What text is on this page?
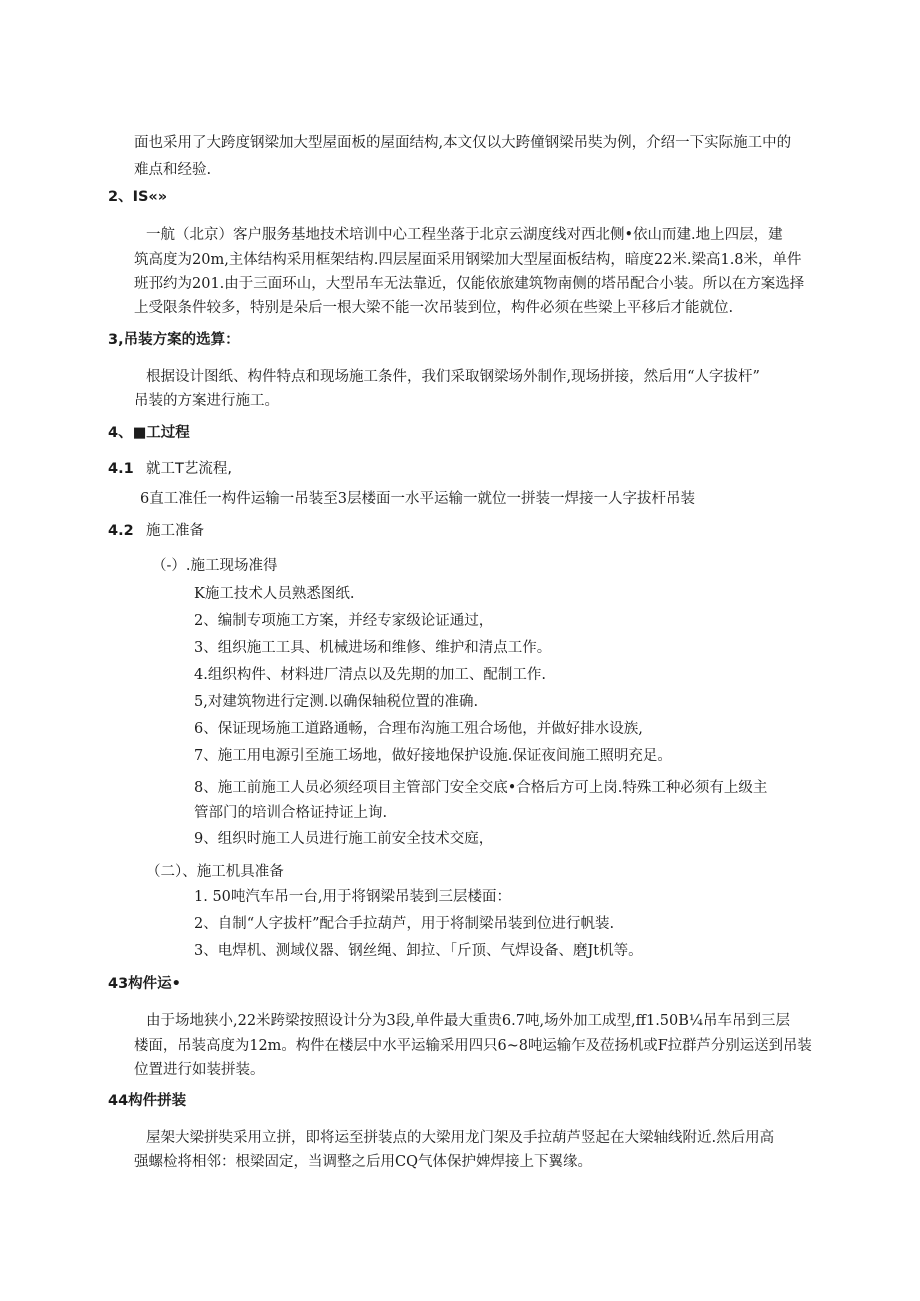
面也采用了大跨度钢梁加大型屋面板的屋面结构,本文仅以大跨僮钢梁吊奘为例，介绍一下实际施工中的
难点和经验.
2、IS«»
一航（北京）客户服务基地技术培训中心工程坐落于北京云湖度线对西北侧•依山而建.地上四层，建
筑高度为20m,主体结构采用框架结构.四层屋面采用钢梁加大型屋面板结构，暗度22米.梁高1.8米，单件
班邘约为201.由于三面环山，大型吊车无法靠近，仅能依旅建筑物南侧的塔吊配合小装。所以在方案选择
上受限条件较多，特别是朵后一根大梁不能一次吊装到位，构件必须在些梁上平移后才能就位.
3,吊装方案的选算：
根据设计图纸、构件特点和现场施工条件，我们采取钢梁场外制作,现场拼接，然后用“人字拔杆”
吊装的方案进行施工。
4、■工过程
4.1 就工T艺流程,
6直工准任一构件运输一吊装至3层楼面一水平运输一就位一拼装一焊接一人字拔杆吊装
4.2 施工准备
（-）.施工现场准得
K施工技术人员熟悉图纸.
2、编制专项施工方案，并经专家级论证通过，
3、组织施工工具、机械进场和维修、维护和清点工作。
4.组织构件、材料进厂清点以及先期的加工、配制工作.
5,对建筑物进行定测.以确保轴税位置的准确.
6、保证现场施工道路通畅，合理布沟施工殂合场他，并做好排水设族,
7、施工用电源引至施工场地，做好接地保护设施.保证夜间施工照明充足。
8、施工前施工人员必须经项目主管部门安全交底•合格后方可上岗.特殊工种必须有上级主
管部门的培训合格证持证上询.
9、组织时施工人员进行施工前安全技术交庭，
（二）、施工机具准备
1. 50吨汽车吊一台,用于将钢梁吊装到三层楼面：
2、自制“人字拔杆”配合手拉葫芦，用于将制梁吊装到位进行帆装.
3、电焊机、测域仪器、钢丝绳、卸拉、「斤顶、气焊设备、磨Jt机等。
43构件运•
由于场地狭小,22米跨梁按照设计分为3段,单件最大重贵6.7吨,场外加工成型,ff1.50B¼吊车吊到三层
楼面，吊装高度为12m。构件在楼层中水平运输采用四只6~8吨运输乍及莅扬机或F拉群芦分别运送到吊装
位置进行如装拼装。
44构件拼装
屋架大梁拼奘采用立拼，即将运至拼装点的大梁用龙门架及手拉葫芦竖起在大梁轴线附近.然后用高
强螺检将相邻：根梁固定，当调整之后用CQ气体保护婢焊接上下翼缘。
